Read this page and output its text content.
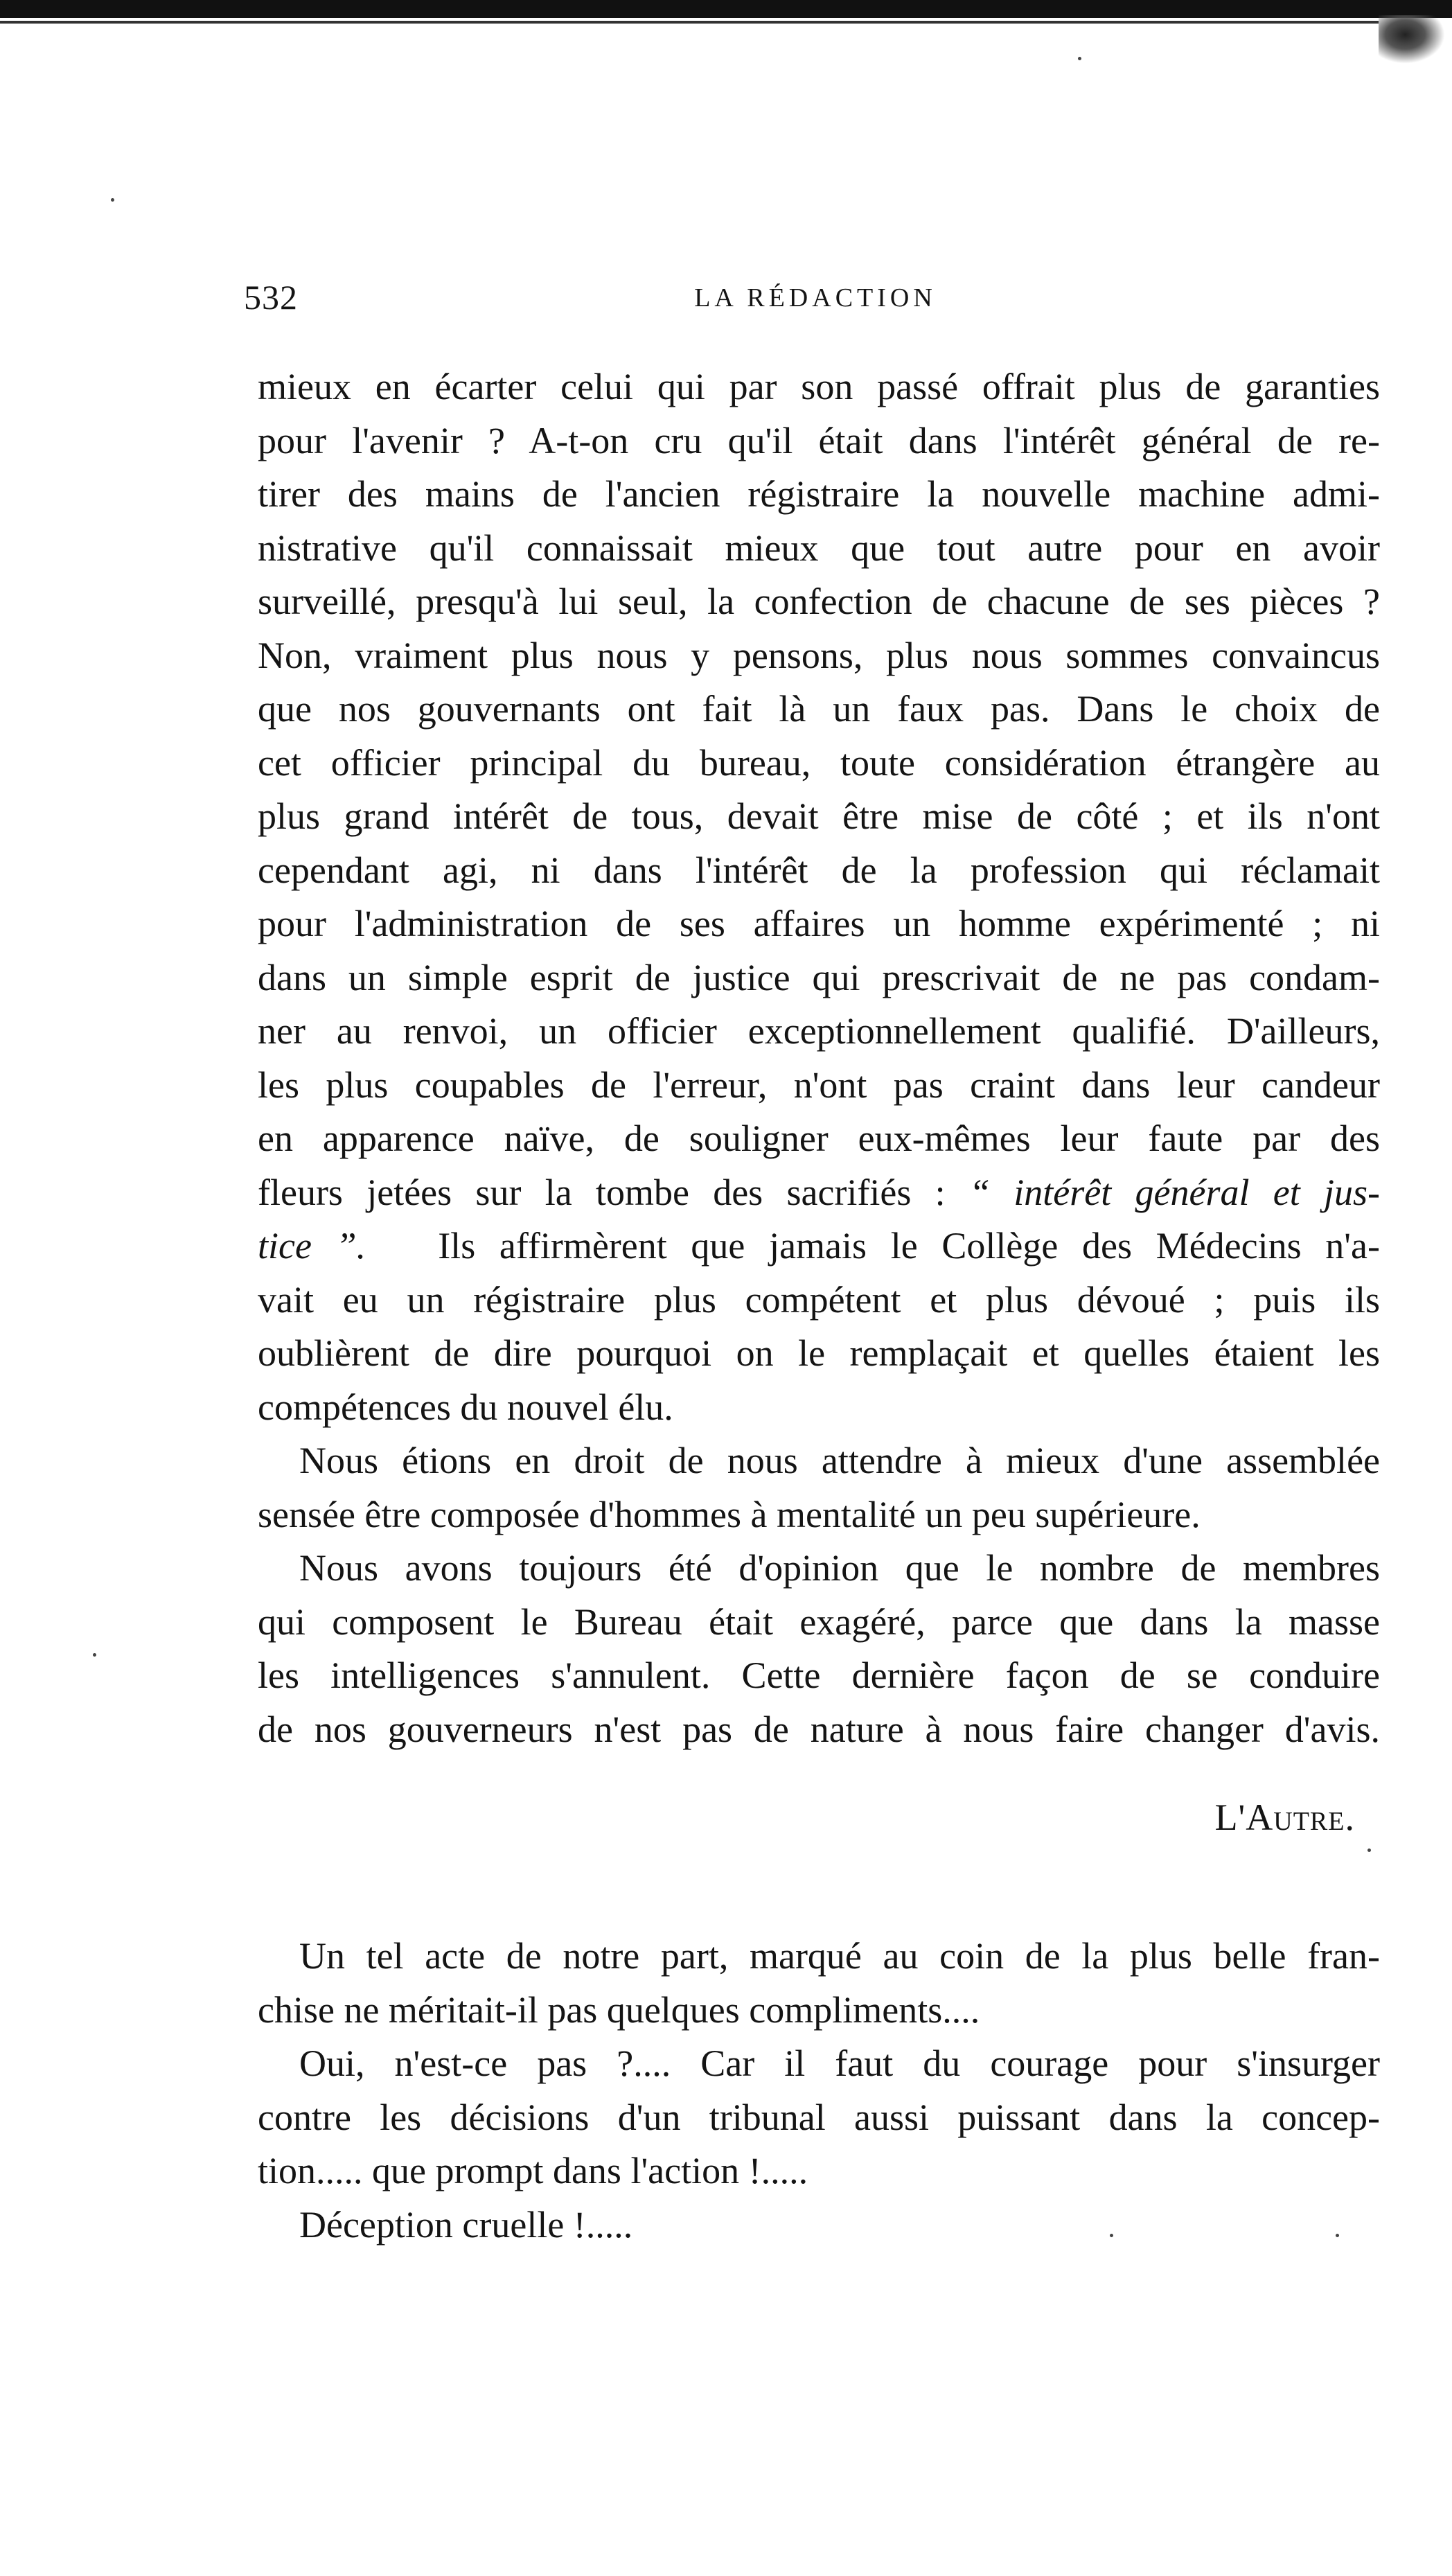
532	LA RÉDACTION
mieux en écarter celui qui par son passé offrait plus de garanties
pour l'avenir ? A-t-on cru qu'il était dans l'intérêt général de re-
tirer des mains de l'ancien régistraire la nouvelle machine admi-
nistrative qu'il connaissait mieux que tout autre pour en avoir
surveillé, presqu'à lui seul, la confection de chacune de ses pièces ?
Non, vraiment plus nous y pensons, plus nous sommes convaincus
que nos gouvernants ont fait là un faux pas. Dans le choix de
cet officier principal du bureau, toute considération étrangère au
plus grand intérêt de tous, devait être mise de côté ; et ils n'ont
cependant agi, ni dans l'intérêt de la profession qui réclamait
pour l'administration de ses affaires un homme expérimenté ; ni
dans un simple esprit de justice qui prescrivait de ne pas condam-
ner au renvoi, un officier exceptionnellement qualifié. D'ailleurs,
les plus coupables de l'erreur, n'ont pas craint dans leur candeur
en apparence naïve, de souligner eux-mêmes leur faute par des
fleurs jetées sur la tombe des sacrifiés : “ intérêt général et jus-
tice ”. Ils affirmèrent que jamais le Collège des Médecins n'a-
vait eu un régistraire plus compétent et plus dévoué ; puis ils
oublièrent de dire pourquoi on le remplaçait et quelles étaient les
compétences du nouvel élu.
Nous étions en droit de nous attendre à mieux d'une assemblée
sensée être composée d'hommes à mentalité un peu supérieure.
Nous avons toujours été d'opinion que le nombre de membres
qui composent le Bureau était exagéré, parce que dans la masse
les intelligences s'annulent. Cette dernière façon de se conduire
de nos gouverneurs n'est pas de nature à nous faire changer d'avis.
L'Autre.
Un tel acte de notre part, marqué au coin de la plus belle fran-
chise ne méritait-il pas quelques compliments....
Oui, n'est-ce pas ?.... Car il faut du courage pour s'insurger
contre les décisions d'un tribunal aussi puissant dans la concep-
tion..... que prompt dans l'action !.....
Déception cruelle !.....
